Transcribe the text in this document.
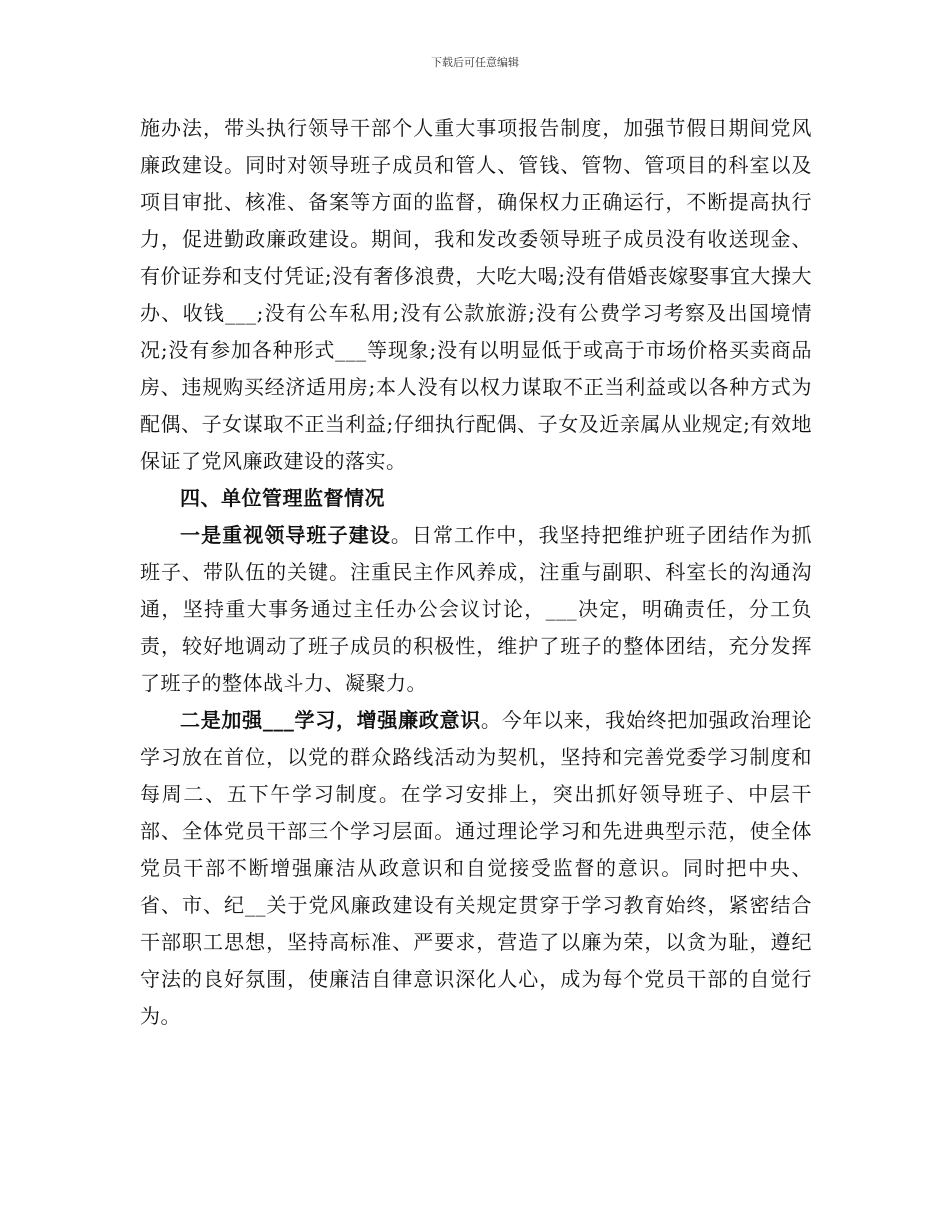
下载后可任意编辑

施办法，带头执行领导干部个人重大事项报告制度，加强节假日期间党风廉政建设。同时对领导班子成员和管人、管钱、管物、管项目的科室以及项目审批、核准、备案等方面的监督，确保权力正确运行，不断提高执行力，促进勤政廉政建设。期间，我和发改委领导班子成员没有收送现金、有价证券和支付凭证;没有奢侈浪费，大吃大喝;没有借婚丧嫁娶事宜大操大办、收钱___;没有公车私用;没有公款旅游;没有公费学习考察及出国境情况;没有参加各种形式___等现象;没有以明显低于或高于市场价格买卖商品房、违规购买经济适用房;本人没有以权力谋取不正当利益或以各种方式为配偶、子女谋取不正当利益;仔细执行配偶、子女及近亲属从业规定;有效地保证了党风廉政建设的落实。

四、单位管理监督情况

一是重视领导班子建设。日常工作中，我坚持把维护班子团结作为抓班子、带队伍的关键。注重民主作风养成，注重与副职、科室长的沟通沟通，坚持重大事务通过主任办公会议讨论，___决定，明确责任，分工负责，较好地调动了班子成员的积极性，维护了班子的整体团结，充分发挥了班子的整体战斗力、凝聚力。

二是加强___学习，增强廉政意识。今年以来，我始终把加强政治理论学习放在首位，以党的群众路线活动为契机，坚持和完善党委学习制度和每周二、五下午学习制度。在学习安排上，突出抓好领导班子、中层干部、全体党员干部三个学习层面。通过理论学习和先进典型示范，使全体党员干部不断增强廉洁从政意识和自觉接受监督的意识。同时把中央、省、市、纪__关于党风廉政建设有关规定贯穿于学习教育始终，紧密结合干部职工思想，坚持高标准、严要求，营造了以廉为荣，以贪为耻，遵纪守法的良好氛围，使廉洁自律意识深化人心，成为每个党员干部的自觉行为。
